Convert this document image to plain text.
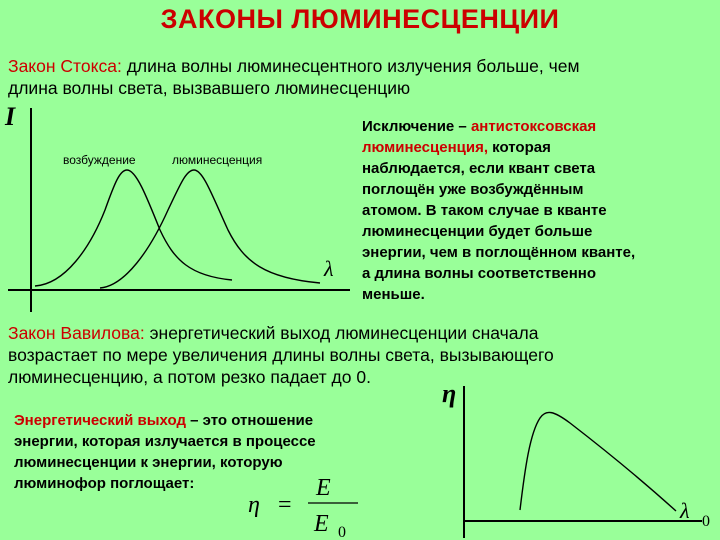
ЗАКОНЫ ЛЮМИНЕСЦЕНЦИИ
Закон Стокса: длина волны люминесцентного излучения больше, чем
длина волны света, вызвавшего люминесценцию
I
λ
возбуждение	люминесценция
Исключение – антистоксовская
люминесценция, которая
наблюдается, если квант света
поглощён уже возбуждённым
атомом. В таком случае в кванте
люминесценции будет больше
энергии, чем в поглощённом кванте,
а длина волны соответственно
меньше.
Закон Вавилова: энергетический выход люминесценции сначала
возрастает по мере увеличения длины волны света, вызывающего
люминесценцию, а потом резко падает до 0.
Энергетический выход – это отношение
энергии, которая излучается в процессе
люминесценции к энергии, которую
люминофор поглощает:
η =
E
E 0
η
λ 0
